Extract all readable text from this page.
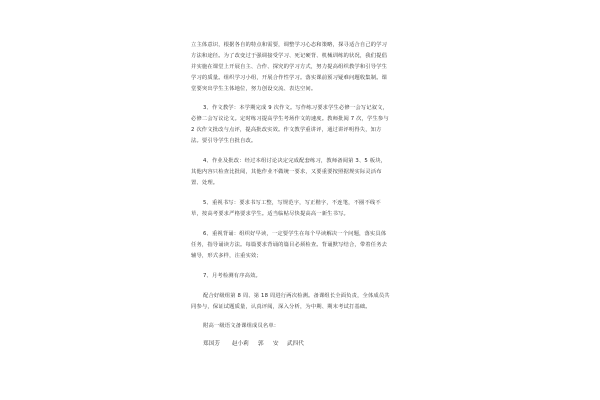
立主体意识，根据各自的特点和需要，调整学习心态和策略，探寻适合自己的学习
方法和途径。为了改变过于强调接受学习、死记硬背、机械训练的状况，我们提倡
并实施在课堂上开展自主、合作、探究的学习方式，努力提高组织教学和引导学生
学习的质量。组织学习小组，开展合作性学习。落实课前预习疑难问题收集制。课
堂要突出学生主体地位，努力创设交流、表达空间。
3、作文教学：本学期完成 9 次作文。写作练习要求学生必修一会写记叙文，
必修二会写议论文。定时练习提高学生考场作文的速度。教师批阅 7 次，学生参与
2 次作文批改与点评，提高批改实效。作文教学重讲评，通过讲评明得失，知方
法。要引导学生自批自改。
4、作业及批改：经过本组讨论决定完成配套练习，教师备阅第 3、5 板块，
其他内容只检查比批阅，其他作业不做统一要求，又要重要按照据规实际灵活布
置、处理。
5、重视书写：要求书写工整，写规范字，写正楷字，不连笔，不圈不线不
草，按高考要求严格要求学生。适当临帖尽快提高高一新生书写。
6、重视背诵：组织好早读，一定要学生在每个早读解决一个问题，落实具体
任务，指导诵读方法。每篇要求背诵的篇目必须检查。背诵默写结合，带着任务去
辅导，形式多样，注重实效；
7、月考检测有序高效。
配合好级组第 8 周、第 18 周进行两次检测。备课组长全面负责，全体成员共
同参与，保证试题质量，认真评阅，深入分析，为中期、期末考试打基础。
附高一级语文备课组成员名单：
郑国芳 赵小莉 郭 安 武四代
